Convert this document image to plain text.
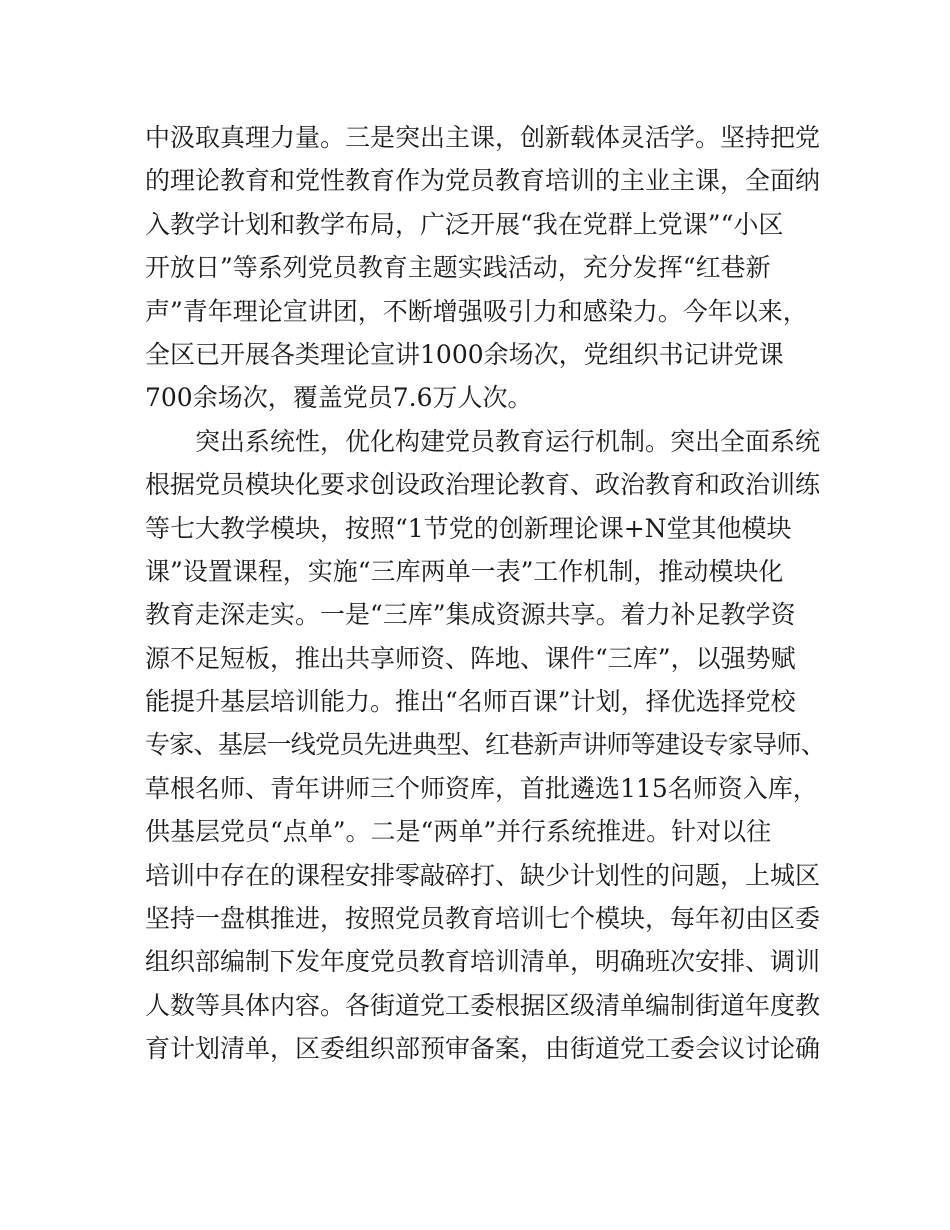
中汲取真理力量。三是突出主课，创新载体灵活学。坚持把党
的理论教育和党性教育作为党员教育培训的主业主课，全面纳
入教学计划和教学布局，广泛开展“我在党群上党课”“小区
开放日”等系列党员教育主题实践活动，充分发挥“红巷新
声”青年理论宣讲团，不断增强吸引力和感染力。今年以来，
全区已开展各类理论宣讲1000余场次，党组织书记讲党课
700余场次，覆盖党员7.6万人次。
突出系统性，优化构建党员教育运行机制。突出全面系统
根据党员模块化要求创设政治理论教育、政治教育和政治训练
等七大教学模块，按照“1节党的创新理论课+N堂其他模块
课”设置课程，实施“三库两单一表”工作机制，推动模块化
教育走深走实。一是“三库”集成资源共享。着力补足教学资
源不足短板，推出共享师资、阵地、课件“三库”，以强势赋
能提升基层培训能力。推出“名师百课”计划，择优选择党校
专家、基层一线党员先进典型、红巷新声讲师等建设专家导师、
草根名师、青年讲师三个师资库，首批遴选115名师资入库，
供基层党员“点单”。二是“两单”并行系统推进。针对以往
培训中存在的课程安排零敲碎打、缺少计划性的问题，上城区
坚持一盘棋推进，按照党员教育培训七个模块，每年初由区委
组织部编制下发年度党员教育培训清单，明确班次安排、调训
人数等具体内容。各街道党工委根据区级清单编制街道年度教
育计划清单，区委组织部预审备案，由街道党工委会议讨论确
